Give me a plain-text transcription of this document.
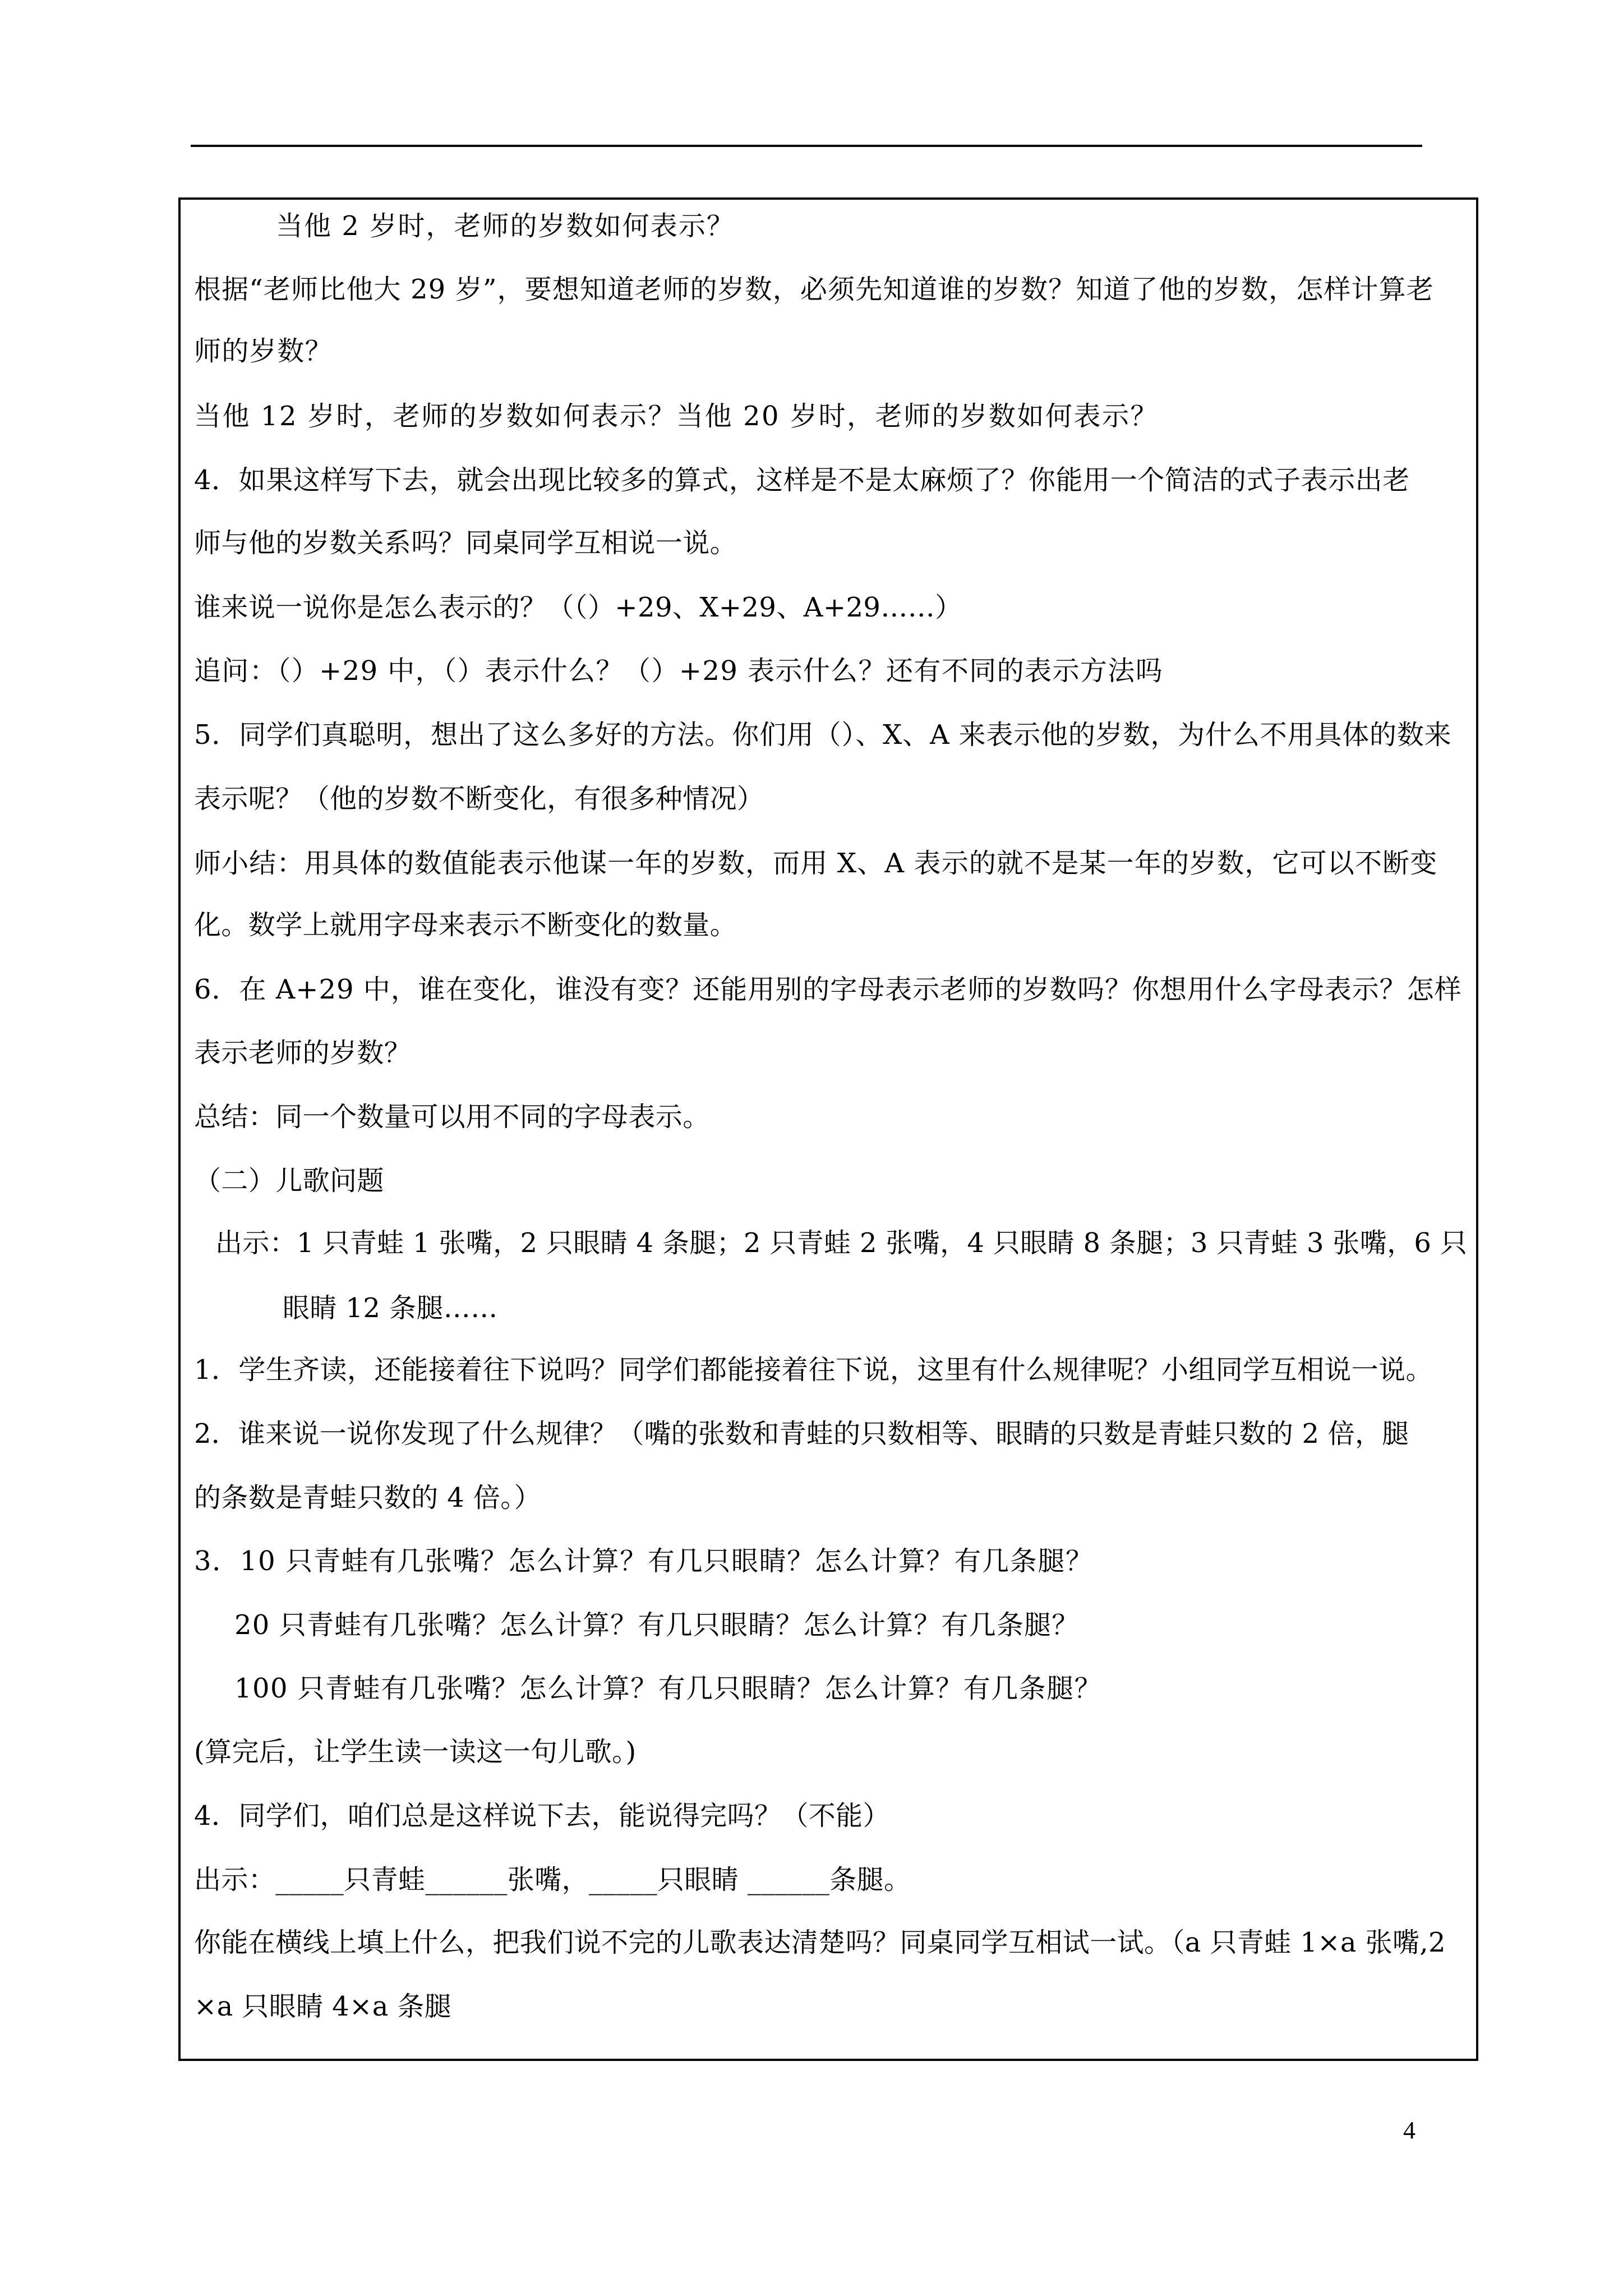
当他 2 岁时，老师的岁数如何表示？
根据“老师比他大 29 岁”，要想知道老师的岁数，必须先知道谁的岁数？知道了他的岁数，怎样计算老
师的岁数？
当他 12 岁时，老师的岁数如何表示？当他 20 岁时，老师的岁数如何表示？
4．如果这样写下去，就会出现比较多的算式，这样是不是太麻烦了？你能用一个简洁的式子表示出老
师与他的岁数关系吗？同桌同学互相说一说。
谁来说一说你是怎么表示的？（（）+29、X+29、A+29……）
追问：（）+29 中，（）表示什么？（）+29 表示什么？还有不同的表示方法吗
5．同学们真聪明，想出了这么多好的方法。你们用（）、X、A 来表示他的岁数，为什么不用具体的数来
表示呢？（他的岁数不断变化，有很多种情况）
师小结：用具体的数值能表示他谋一年的岁数，而用 X、A 表示的就不是某一年的岁数，它可以不断变
化。数学上就用字母来表示不断变化的数量。
6．在 A+29 中，谁在变化，谁没有变？还能用别的字母表示老师的岁数吗？你想用什么字母表示？怎样
表示老师的岁数？
总结：同一个数量可以用不同的字母表示。
（二）儿歌问题
出示：1 只青蛙 1 张嘴，2 只眼睛 4 条腿；2 只青蛙 2 张嘴，4 只眼睛 8 条腿；3 只青蛙 3 张嘴，6 只
眼睛 12 条腿……
1．学生齐读，还能接着往下说吗？同学们都能接着往下说，这里有什么规律呢？小组同学互相说一说。
2．谁来说一说你发现了什么规律？（嘴的张数和青蛙的只数相等、眼睛的只数是青蛙只数的 2 倍，腿
的条数是青蛙只数的 4 倍。）
3．10 只青蛙有几张嘴？怎么计算？有几只眼睛？怎么计算？有几条腿？
20 只青蛙有几张嘴？怎么计算？有几只眼睛？怎么计算？有几条腿？
100 只青蛙有几张嘴？怎么计算？有几只眼睛？怎么计算？有几条腿？
(算完后，让学生读一读这一句儿歌。)
4．同学们，咱们总是这样说下去，能说得完吗？（不能）
出示：_____只青蛙______张嘴，_____只眼睛 ______条腿。
你能在横线上填上什么，把我们说不完的儿歌表达清楚吗？同桌同学互相试一试。（a 只青蛙 1×a 张嘴,2
×a 只眼睛 4×a 条腿
4
